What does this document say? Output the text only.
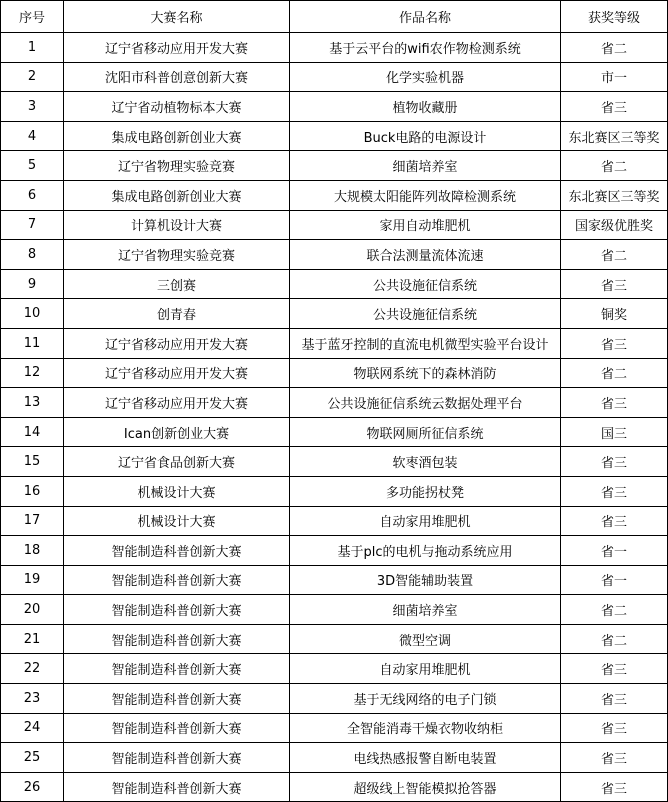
序号	大赛名称	作品名称	获奖等级
1	辽宁省移动应用开发大赛	基于云平台的wifi农作物检测系统	省二
2	沈阳市科普创意创新大赛	化学实验机器	市一
3	辽宁省动植物标本大赛	植物收藏册	省三
4	集成电路创新创业大赛	Buck电路的电源设计	东北赛区三等奖
5	辽宁省物理实验竞赛	细菌培养室	省二
6	集成电路创新创业大赛	大规模太阳能阵列故障检测系统	东北赛区三等奖
7	计算机设计大赛	家用自动堆肥机	国家级优胜奖
8	辽宁省物理实验竞赛	联合法测量流体流速	省二
9	三创赛	公共设施征信系统	省三
10	创青春	公共设施征信系统	铜奖
11	辽宁省移动应用开发大赛	基于蓝牙控制的直流电机微型实验平台设计	省三
12	辽宁省移动应用开发大赛	物联网系统下的森林消防	省二
13	辽宁省移动应用开发大赛	公共设施征信系统云数据处理平台	省三
14	Ican创新创业大赛	物联网厕所征信系统	国三
15	辽宁省食品创新大赛	软枣酒包装	省三
16	机械设计大赛	多功能拐杖凳	省三
17	机械设计大赛	自动家用堆肥机	省三
18	智能制造科普创新大赛	基于plc的电机与拖动系统应用	省一
19	智能制造科普创新大赛	3D智能辅助装置	省一
20	智能制造科普创新大赛	细菌培养室	省二
21	智能制造科普创新大赛	微型空调	省二
22	智能制造科普创新大赛	自动家用堆肥机	省三
23	智能制造科普创新大赛	基于无线网络的电子门锁	省三
24	智能制造科普创新大赛	全智能消毒干燥衣物收纳柜	省三
25	智能制造科普创新大赛	电线热感报警自断电装置	省三
26	智能制造科普创新大赛	超级线上智能模拟抢答器	省三
